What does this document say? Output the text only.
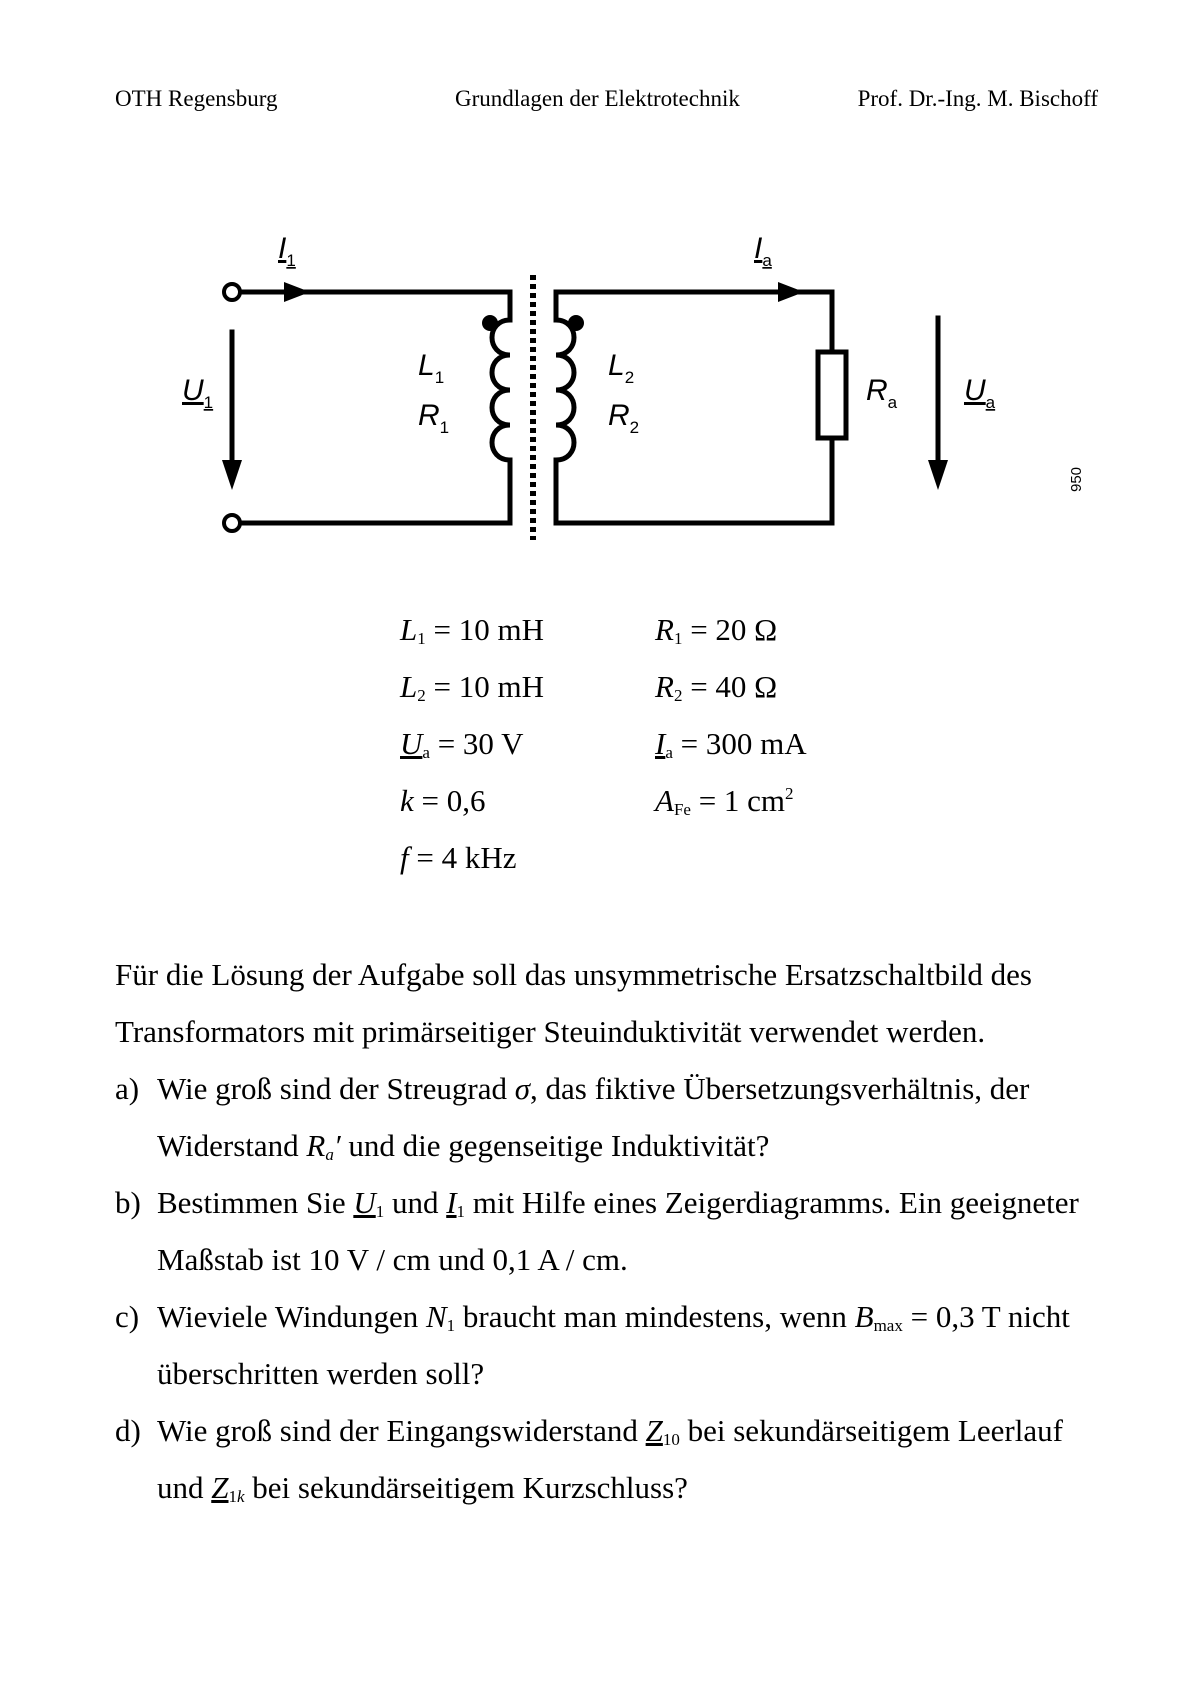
OTH Regensburg	Grundlagen der Elektrotechnik	Prof. Dr.-Ing. M. Bischoff
$I_1$	$I_a$
$U_1$	$U_a$
$L_1$
$R_1$
$L_2$
$R_2$
$R_a$
950
$L_1 = 10$ mH	$R_1 = 20$ Ω
$L_2 = 10$ mH	$R_2 = 40$ Ω
$U_a = 30$ V	$I_a = 300$ mA
k = 0,6	$A_{Fe} = 1$ $cm^2$
f = 4 kHz
Für die Lösung der Aufgabe soll das unsymmetrische Ersatzschaltbild des Transformators mit primärseitiger Steuinduktivität verwendet werden.
a) Wie groß sind der Streugrad σ, das fiktive Übersetzungsverhältnis, der Widerstand $R_a'$ und die gegenseitige Induktivität?
b) Bestimmen Sie $U_1$ und $I_1$ mit Hilfe eines Zeigerdiagramms. Ein geeigneter Maßstab ist 10 V / cm und 0,1 A / cm.
c) Wieviele Windungen $N_1$ braucht man mindestens, wenn $B_{max} = 0,3$ T nicht überschritten werden soll?
d) Wie groß sind der Eingangswiderstand $Z_{10}$ bei sekundärseitigem Leerlauf und $Z_{1k}$ bei sekundärseitigem Kurzschluss?
